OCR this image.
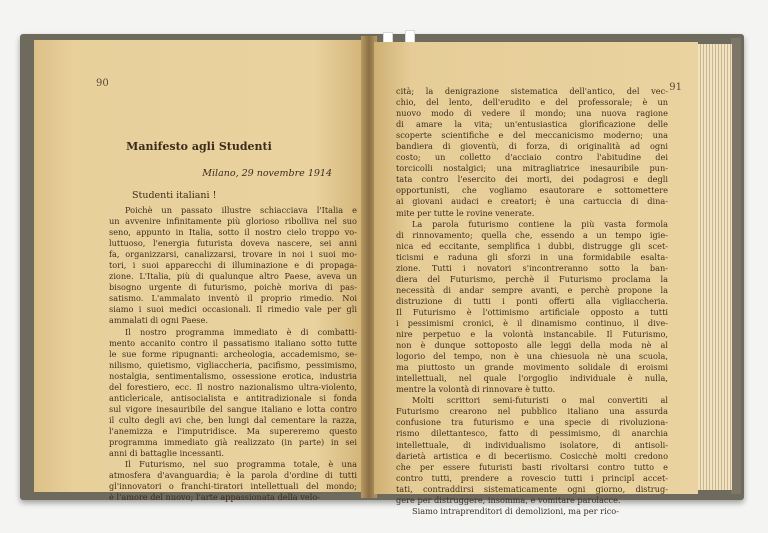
90
Manifesto agli Studenti
Milano, 29 novembre 1914
Studenti italiani !

Poichè un passato illustre schiacciava l'Italia e
un avvenire infinitamente più glorioso ribolliva nel suo
seno, appunto in Italia, sotto il nostro cielo troppo vo-
luttuoso, l'energia futurista doveva nascere, sei anni
fa, organizzarsi, canalizzarsi, trovare in noi i suoi mo-
tori, i suoi apparecchi di illuminazione e di propaga-
zione. L'Italia, più di qualunque altro Paese, aveva un
bisogno urgente di futurismo, poichè moriva di pas-
satismo. L'ammalato inventò il proprio rimedio. Noi
siamo i suoi medici occasionali. Il rimedio vale per gli
ammalati di ogni Paese.

Il nostro programma immediato è di combatti-
mento accanito contro il passatismo italiano sotto tutte
le sue forme ripugnanti: archeologia, accademismo, se-
nilismo, quietismo, vigliaccheria, pacifismo, pessimismo,
nostalgia, sentimentalismo, ossessione erotica, industria
del forestiero, ecc. Il nostro nazionalismo ultra-violento,
anticlericale, antisocialista e antitradizionale si fonda
sul vigore inesauribile del sangue italiano e lotta contro
il culto degli avi che, ben lungi dal cementare la razza,
l'anemizza e l'imputridisce. Ma supereremo questo
programma immediato già realizzato (in parte) in sei
anni di battaglie incessanti.

Il Futurismo, nel suo programma totale, è una
atmosfera d'avanguardia; è la parola d'ordine di tutti
gl'innovatori o franchi-tiratori intellettuali del mondo;
è l'amore del nuovo; l'arte appassionata della velo-

91

cità; la denigrazione sistematica dell'antico, del vec-
chio, del lento, dell'erudito e del professorale; è un
nuovo modo di vedere il mondo; una nuova ragione
di amare la vita; un'entusiastica glorificazione delle
scoperte scientifiche e del meccanicismo moderno; una
bandiera di gioventù, di forza, di originalità ad ogni
costo; un colletto d'acciaio contro l'abitudine dei
torcicolli nostalgici; una mitragliatrice inesauribile pun-
tata contro l'esercito dei morti, dei podagrosi e degli
opportunisti, che vogliamo esautorare e sottomettere
ai giovani audaci e creatori; è una cartuccia di dina-
mite per tutte le rovine venerate.

La parola futurismo contiene la più vasta formola
di rinnovamento; quella che, essendo a un tempo igie-
nica ed eccitante, semplifica i dubbi, distrugge gli scet-
ticismi e raduna gli sforzi in una formidabile esalta-
zione. Tutti i novatori s'incontreranno sotto la ban-
diera del Futurismo, perchè il Futurismo proclama la
necessità di andar sempre avanti, e perchè propone la
distruzione di tutti i ponti offerti alla vigliaccheria.
Il Futurismo è l'ottimismo artificiale opposto a tutti
i pessimismi cronici, è il dinamismo continuo, il dive-
nire perpetuo e la volontà instancabile. Il Futurismo,
non è dunque sottoposto alle leggi della moda nè al
logorio del tempo, non è una chiesuola nè una scuola,
ma piuttosto un grande movimento solidale di eroismi
intellettuali, nel quale l'orgoglio individuale è nulla,
mentre la volontà di rinnovare è tutto.

Molti scrittori semi-futuristi o mal convertiti al
Futurismo crearono nel pubblico italiano una assurda
confusione tra futurismo e una specie di rivoluziona-
rismo dilettantesco, fatto di pessimismo, di anarchia
intellettuale, di individualismo isolatore, di antisoli-
darietà artistica e di beceriismo. Cosicchè molti credono
che per essere futuristi basti rivoltarsi contro tutto e
contro tutti, prendere a rovescio tutti i principî accet-
tati, contraddirsi sistematicamente ogni giorno, distrug-
gere per distruggere, insomma, e vomitare parolacce.

Siamo intraprenditori di demolizioni, ma per rico-
